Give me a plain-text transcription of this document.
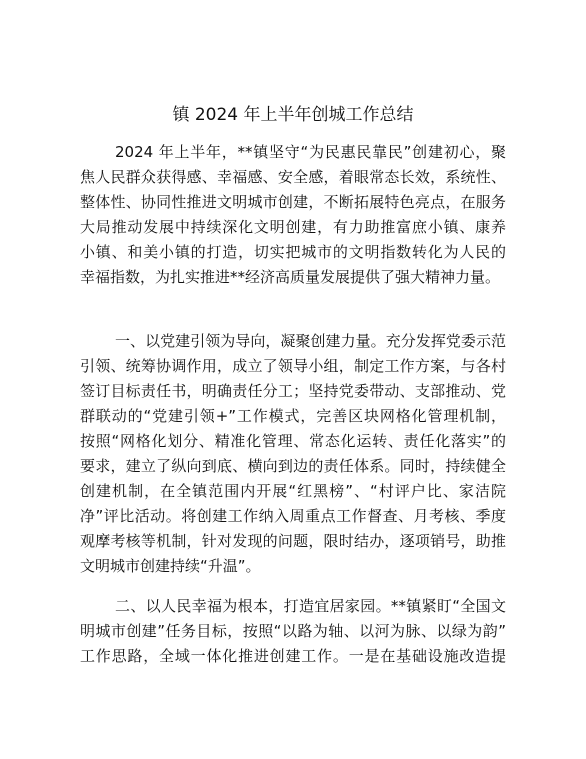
镇 2024 年上半年创城工作总结
2024 年上半年，**镇坚守“为民惠民靠民”创建初心，聚
焦人民群众获得感、幸福感、安全感，着眼常态长效，系统性、
整体性、协同性推进文明城市创建，不断拓展特色亮点，在服务
大局推动发展中持续深化文明创建，有力助推富庶小镇、康养
小镇、和美小镇的打造，切实把城市的文明指数转化为人民的
幸福指数，为扎实推进**经济高质量发展提供了强大精神力量。
一、以党建引领为导向，凝聚创建力量。充分发挥党委示范
引领、统筹协调作用，成立了领导小组，制定工作方案，与各村
签订目标责任书，明确责任分工；坚持党委带动、支部推动、党
群联动的“党建引领+”工作模式，完善区块网格化管理机制，
按照“网格化划分、精准化管理、常态化运转、责任化落实”的
要求，建立了纵向到底、横向到边的责任体系。同时，持续健全
创建机制，在全镇范围内开展“红黑榜”、“村评户比、家洁院
净”评比活动。将创建工作纳入周重点工作督查、月考核、季度
观摩考核等机制，针对发现的问题，限时结办，逐项销号，助推
文明城市创建持续“升温”。
二、以人民幸福为根本，打造宜居家园。**镇紧盯“全国文
明城市创建”任务目标，按照“以路为轴、以河为脉、以绿为韵”
工作思路，全域一体化推进创建工作。一是在基础设施改造提
